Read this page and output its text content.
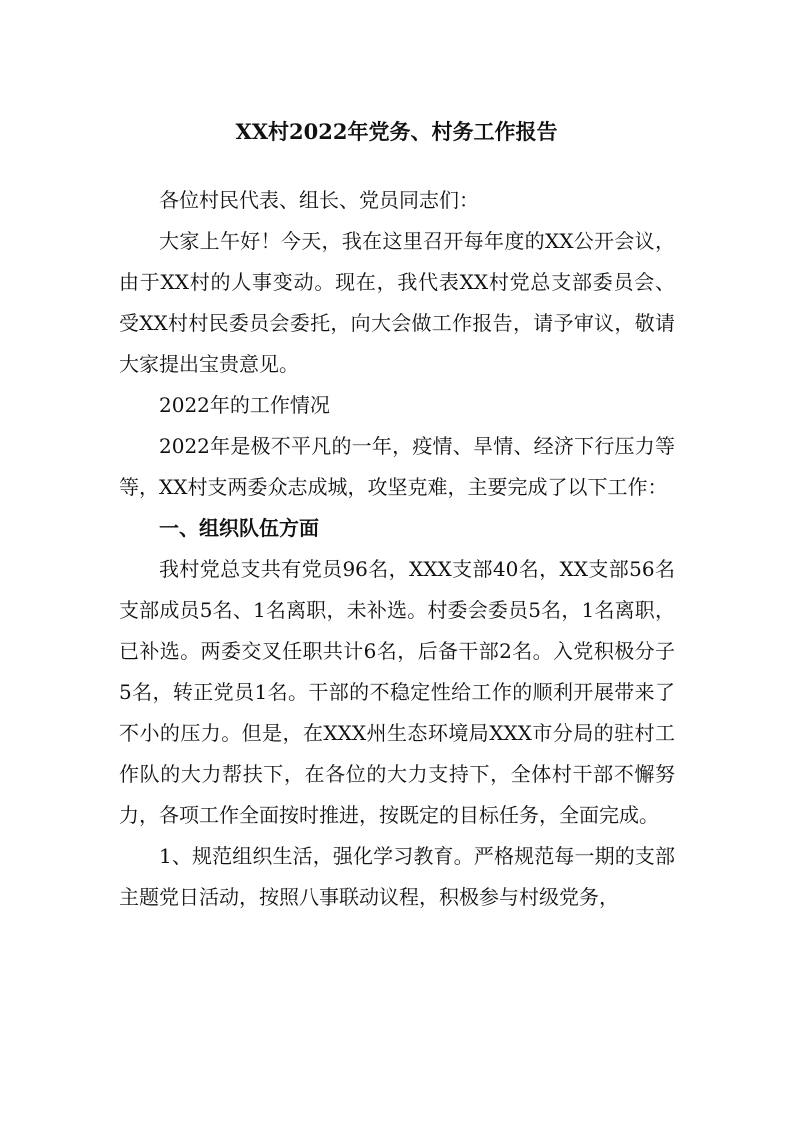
XX村2022年党务、村务工作报告

各位村民代表、组长、党员同志们：

大家上午好！今天，我在这里召开每年度的XX公开会议，由于XX村的人事变动。现在，我代表XX村党总支部委员会、受XX村村民委员会委托，向大会做工作报告，请予审议，敬请大家提出宝贵意见。

2022年的工作情况

2022年是极不平凡的一年，疫情、旱情、经济下行压力等等，XX村支两委众志成城，攻坚克难，主要完成了以下工作：

一、组织队伍方面

我村党总支共有党员96名，XXX支部40名，XX支部56名支部成员5名、1名离职，未补选。村委会委员5名，1名离职，已补选。两委交叉任职共计6名，后备干部2名。入党积极分子5名，转正党员1名。干部的不稳定性给工作的顺利开展带来了不小的压力。但是，在XXX州生态环境局XXX市分局的驻村工作队的大力帮扶下，在各位的大力支持下，全体村干部不懈努力，各项工作全面按时推进，按既定的目标任务，全面完成。

1、规范组织生活，强化学习教育。严格规范每一期的支部主题党日活动，按照八事联动议程，积极参与村级党务，
